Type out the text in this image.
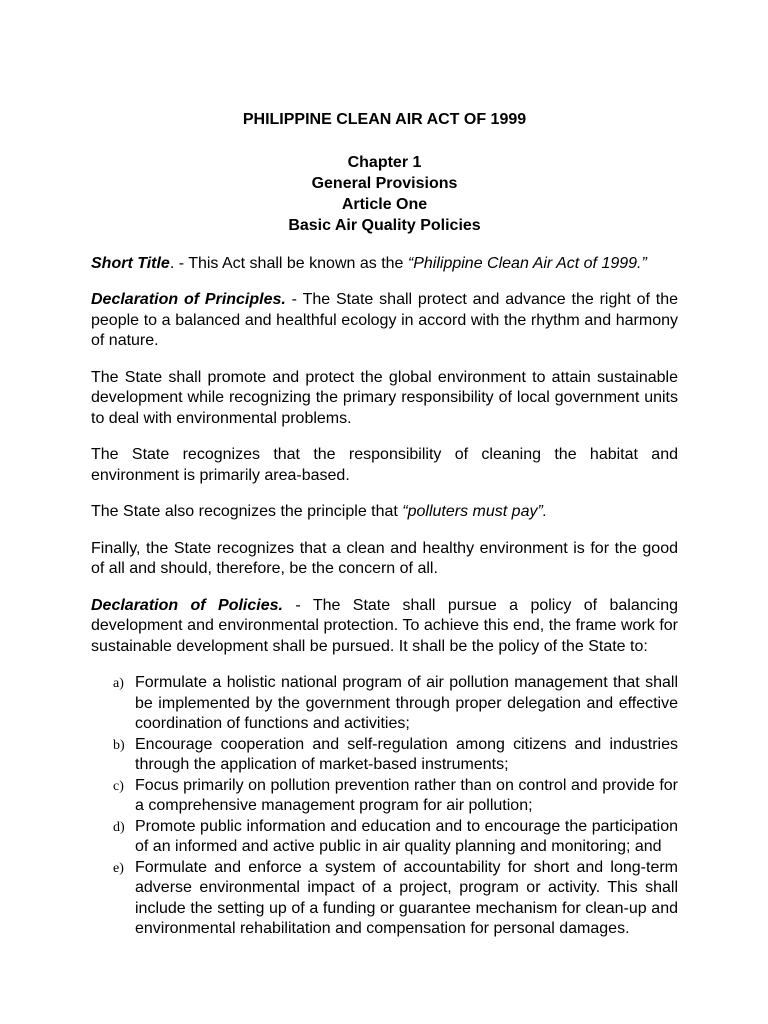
PHILIPPINE CLEAN AIR ACT OF 1999
Chapter 1
General Provisions
Article One
Basic Air Quality Policies

Short Title. - This Act shall be known as the “Philippine Clean Air Act of 1999.”

Declaration of Principles. - The State shall protect and advance the right of the people to a balanced and healthful ecology in accord with the rhythm and harmony of nature.

The State shall promote and protect the global environment to attain sustainable development while recognizing the primary responsibility of local government units to deal with environmental problems.

The State recognizes that the responsibility of cleaning the habitat and environment is primarily area-based.

The State also recognizes the principle that “polluters must pay”.

Finally, the State recognizes that a clean and healthy environment is for the good of all and should, therefore, be the concern of all.

Declaration of Policies. - The State shall pursue a policy of balancing development and environmental protection. To achieve this end, the frame work for sustainable development shall be pursued. It shall be the policy of the State to:

a) Formulate a holistic national program of air pollution management that shall be implemented by the government through proper delegation and effective coordination of functions and activities;
b) Encourage cooperation and self-regulation among citizens and industries through the application of market-based instruments;
c) Focus primarily on pollution prevention rather than on control and provide for a comprehensive management program for air pollution;
d) Promote public information and education and to encourage the participation of an informed and active public in air quality planning and monitoring; and
e) Formulate and enforce a system of accountability for short and long-term adverse environmental impact of a project, program or activity. This shall include the setting up of a funding or guarantee mechanism for clean-up and environmental rehabilitation and compensation for personal damages.
